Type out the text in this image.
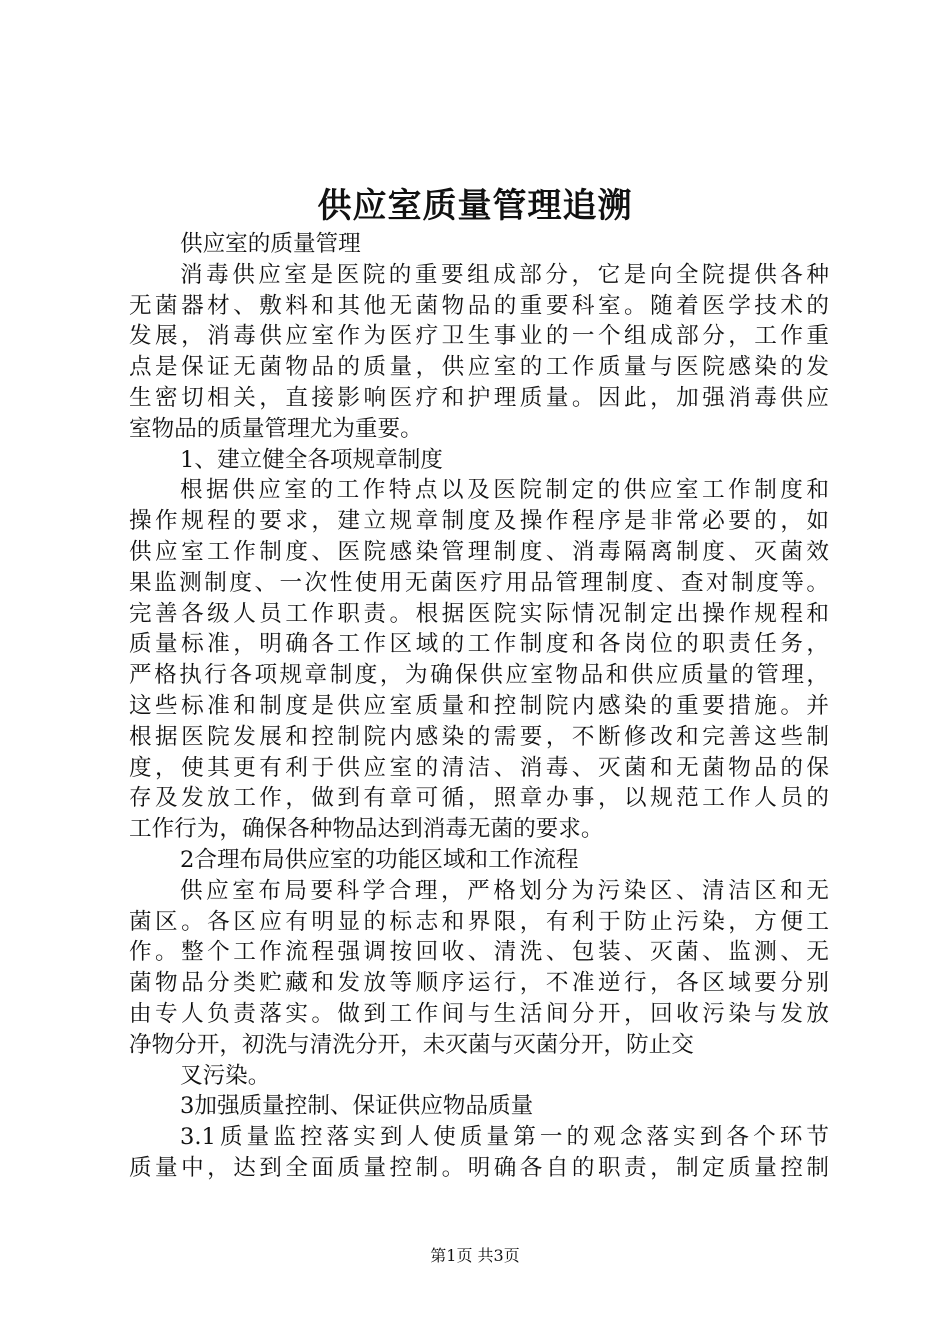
供应室质量管理追溯
供应室的质量管理
消毒供应室是医院的重要组成部分，它是向全院提供各种
无菌器材、敷料和其他无菌物品的重要科室。随着医学技术的
发展，消毒供应室作为医疗卫生事业的一个组成部分，工作重
点是保证无菌物品的质量，供应室的工作质量与医院感染的发
生密切相关，直接影响医疗和护理质量。因此，加强消毒供应
室物品的质量管理尤为重要。
1、建立健全各项规章制度
根据供应室的工作特点以及医院制定的供应室工作制度和
操作规程的要求，建立规章制度及操作程序是非常必要的，如
供应室工作制度、医院感染管理制度、消毒隔离制度、灭菌效
果监测制度、一次性使用无菌医疗用品管理制度、查对制度等。
完善各级人员工作职责。根据医院实际情况制定出操作规程和
质量标准，明确各工作区域的工作制度和各岗位的职责任务，
严格执行各项规章制度，为确保供应室物品和供应质量的管理，
这些标准和制度是供应室质量和控制院内感染的重要措施。并
根据医院发展和控制院内感染的需要，不断修改和完善这些制
度，使其更有利于供应室的清洁、消毒、灭菌和无菌物品的保
存及发放工作，做到有章可循，照章办事，以规范工作人员的
工作行为，确保各种物品达到消毒无菌的要求。
2合理布局供应室的功能区域和工作流程
供应室布局要科学合理，严格划分为污染区、清洁区和无
菌区。各区应有明显的标志和界限，有利于防止污染，方便工
作。整个工作流程强调按回收、清洗、包装、灭菌、监测、无
菌物品分类贮藏和发放等顺序运行，不准逆行，各区域要分别
由专人负责落实。做到工作间与生活间分开，回收污染与发放
净物分开，初洗与清洗分开，未灭菌与灭菌分开，防止交
叉污染。
3加强质量控制、保证供应物品质量
3.1质量监控落实到人使质量第一的观念落实到各个环节
质量中，达到全面质量控制。明确各自的职责，制定质量控制
第1页 共3页
